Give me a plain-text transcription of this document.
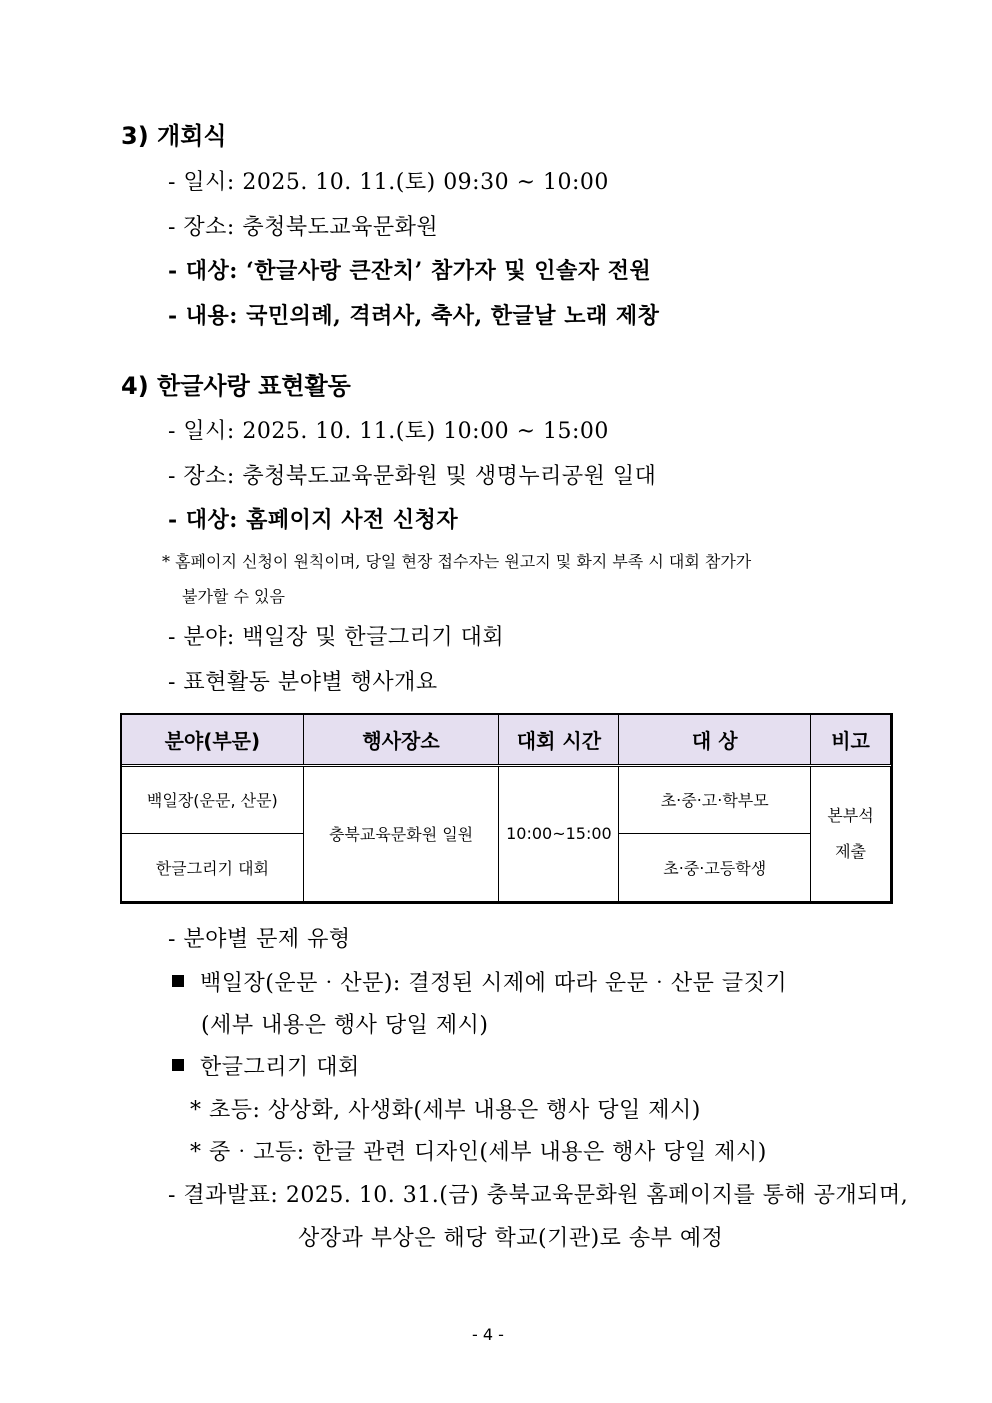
3) 개회식
- 일시: 2025. 10. 11.(토) 09:30 ~ 10:00
- 장소: 충청북도교육문화원
- 대상: ‘한글사랑 큰잔치’ 참가자 및 인솔자 전원
- 내용: 국민의례, 격려사, 축사, 한글날 노래 제창
4) 한글사랑 표현활동
- 일시: 2025. 10. 11.(토) 10:00 ~ 15:00
- 장소: 충청북도교육문화원 및 생명누리공원 일대
- 대상: 홈페이지 사전 신청자
* 홈페이지 신청이 원칙이며, 당일 현장 접수자는 원고지 및 화지 부족 시 대회 참가가
불가할 수 있음
- 분야: 백일장 및 한글그리기 대회
- 표현활동 분야별 행사개요
분야(부문)	행사장소	대회 시간	대 상	비고
백일장(운문, 산문)	충북교육문화원 일원	10:00~15:00	초‧중‧고‧학부모	본부석
제출
한글그리기 대회			초‧중‧고등학생	
- 분야별 문제 유형
백일장(운문‧산문): 결정된 시제에 따라 운문‧산문 글짓기
(세부 내용은 행사 당일 제시)
한글그리기 대회
* 초등: 상상화, 사생화(세부 내용은 행사 당일 제시)
* 중‧고등: 한글 관련 디자인(세부 내용은 행사 당일 제시)
- 결과발표: 2025. 10. 31.(금) 충북교육문화원 홈페이지를 통해 공개되며,
상장과 부상은 해당 학교(기관)로 송부 예정
- 4 -
